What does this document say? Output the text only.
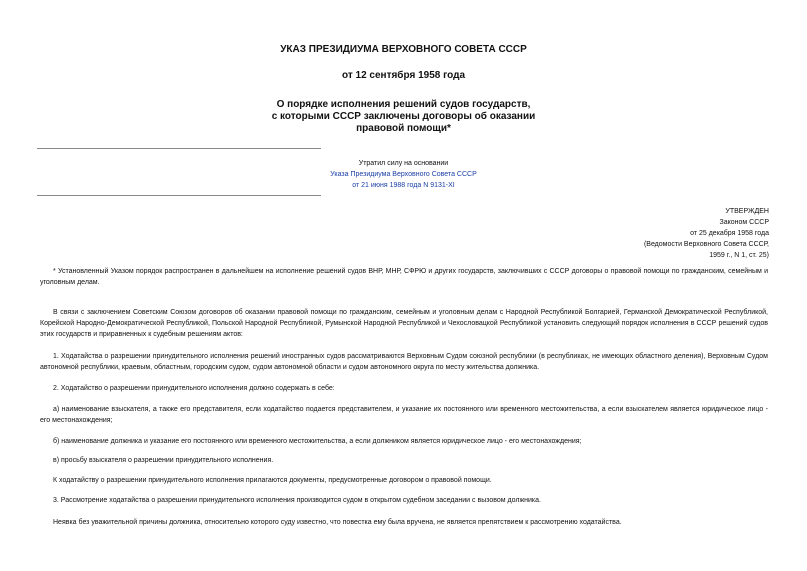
УКАЗ ПРЕЗИДИУМА ВЕРХОВНОГО СОВЕТА СССР
от 12 сентября 1958 года
О порядке исполнения решений судов государств,
с которыми СССР заключены договоры об оказании
правовой помощи*
Утратил силу на основании
Указа Президиума Верховного Совета СССР
от 21 июня 1988 года N 9131-XI
УТВЕРЖДЕН
Законом СССР
от 25 декабря 1958 года
(Ведомости Верховного Совета СССР,
1959 г., N 1, ст. 25)
* Установленный Указом порядок распространен в дальнейшем на исполнение решений судов ВНР, МНР, СФРЮ и других государств, заключивших с СССР договоры о правовой помощи по гражданским, семейным и уголовным делам.
В связи с заключением Советским Союзом договоров об оказании правовой помощи по гражданским, семейным и уголовным делам с Народной Республикой Болгарией, Германской Демократической Республикой, Корейской Народно-Демократической Республикой, Польской Народной Республикой, Румынской Народной Республикой и Чехословацкой Республикой установить следующий порядок исполнения в СССР решений судов этих государств и приравненных к судебным решениям актов:
1. Ходатайства о разрешении принудительного исполнения решений иностранных судов рассматриваются Верховным Судом союзной республики (в республиках, не имеющих областного деления), Верховным Судом автономной республики, краевым, областным, городским судом, судом автономной области и судом автономного округа по месту жительства должника.
2. Ходатайство о разрешении принудительного исполнения должно содержать в себе:
а) наименование взыскателя, а также его представителя, если ходатайство подается представителем, и указание их постоянного или временного местожительства, а если взыскателем является юридическое лицо - его местонахождения;
б) наименование должника и указание его постоянного или временного местожительства, а если должником является юридическое лицо - его местонахождения;
в) просьбу взыскателя о разрешении принудительного исполнения.
К ходатайству о разрешении принудительного исполнения прилагаются документы, предусмотренные договором о правовой помощи.
3. Рассмотрение ходатайства о разрешении принудительного исполнения производится судом в открытом судебном заседании с вызовом должника.
Неявка без уважительной причины должника, относительно которого суду известно, что повестка ему была вручена, не является препятствием к рассмотрению ходатайства.
